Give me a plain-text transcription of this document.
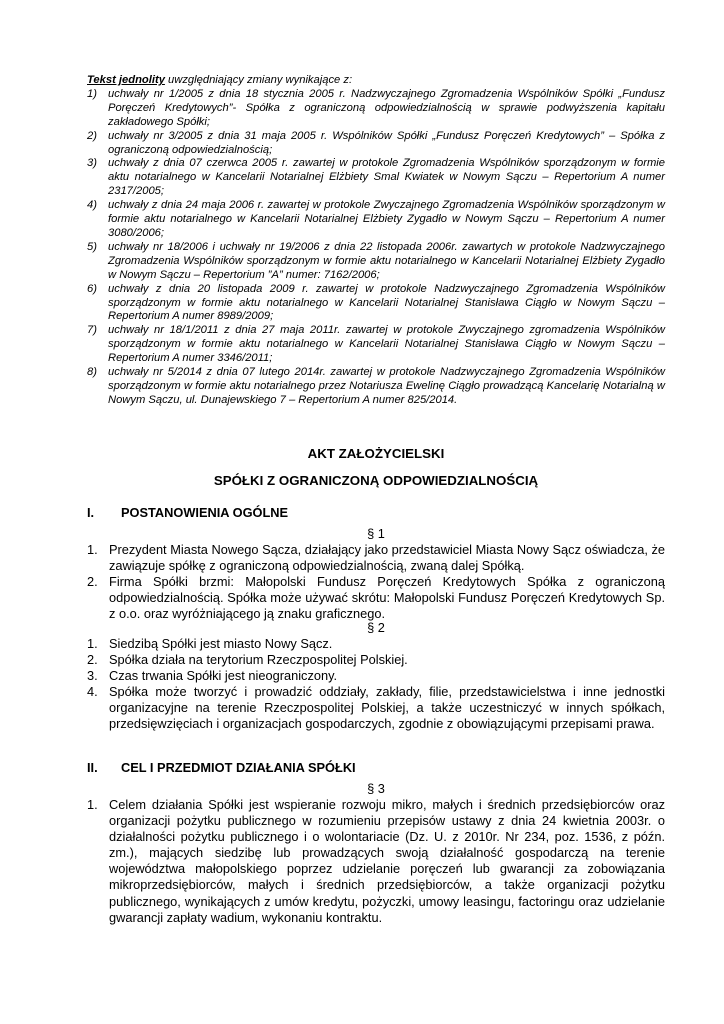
Tekst jednolity uwzględniający zmiany wynikające z:

1) uchwały nr 1/2005 z dnia 18 stycznia 2005 r. Nadzwyczajnego Zgromadzenia Wspólników Spółki „Fundusz Poręczeń Kredytowych”- Spółka z ograniczoną odpowiedzialnością w sprawie podwyższenia kapitału zakładowego Spółki;

2) uchwały nr 3/2005 z dnia 31 maja 2005 r. Wspólników Spółki „Fundusz Poręczeń Kredytowych” – Spółka z ograniczoną odpowiedzialnością;

3) uchwały z dnia 07 czerwca 2005 r. zawartej w protokole Zgromadzenia Wspólników sporządzonym w formie aktu notarialnego w Kancelarii Notarialnej Elżbiety Smal Kwiatek w Nowym Sączu – Repertorium A numer 2317/2005;

4) uchwały z dnia 24 maja 2006 r. zawartej w protokole Zwyczajnego Zgromadzenia Wspólników sporządzonym w formie aktu notarialnego w Kancelarii Notarialnej Elżbiety Zygadło w Nowym Sączu – Repertorium A numer 3080/2006;

5) uchwały nr 18/2006 i uchwały nr 19/2006 z dnia 22 listopada 2006r. zawartych w protokole Nadzwyczajnego Zgromadzenia Wspólników sporządzonym w formie aktu notarialnego w Kancelarii Notarialnej Elżbiety Zygadło w Nowym Sączu – Repertorium ”A” numer: 7162/2006;

6) uchwały z dnia 20 listopada 2009 r. zawartej w protokole Nadzwyczajnego Zgromadzenia Wspólników sporządzonym w formie aktu notarialnego w Kancelarii Notarialnej Stanisława Ciągło w Nowym Sączu – Repertorium A numer 8989/2009;

7) uchwały nr 18/1/2011 z dnia 27 maja 2011r. zawartej w protokole Zwyczajnego zgromadzenia Wspólników sporządzonym w formie aktu notarialnego w Kancelarii Notarialnej Stanisława Ciągło w Nowym Sączu – Repertorium A numer 3346/2011;

8) uchwały nr 5/2014 z dnia 07 lutego 2014r. zawartej w protokole Nadzwyczajnego Zgromadzenia Wspólników sporządzonym w formie aktu notarialnego przez Notariusza Ewelinę Ciągło prowadzącą Kancelarię Notarialną w Nowym Sączu, ul. Dunajewskiego 7 – Repertorium A numer 825/2014.

AKT ZAŁOŻYCIELSKI

SPÓŁKI Z OGRANICZONĄ ODPOWIEDZIALNOŚCIĄ

I. POSTANOWIENIA OGÓLNE

§ 1

1. Prezydent Miasta Nowego Sącza, działający jako przedstawiciel Miasta Nowy Sącz oświadcza, że zawiązuje spółkę z ograniczoną odpowiedzialnością, zwaną dalej Spółką.

2. Firma Spółki brzmi: Małopolski Fundusz Poręczeń Kredytowych Spółka z ograniczoną odpowiedzialnością. Spółka może używać skrótu: Małopolski Fundusz Poręczeń Kredytowych Sp. z o.o. oraz wyróżniającego ją znaku graficznego.

§ 2

1. Siedzibą Spółki jest miasto Nowy Sącz.

2. Spółka działa na terytorium Rzeczpospolitej Polskiej.

3. Czas trwania Spółki jest nieograniczony.

4. Spółka może tworzyć i prowadzić oddziały, zakłady, filie, przedstawicielstwa i inne jednostki organizacyjne na terenie Rzeczpospolitej Polskiej, a także uczestniczyć w innych spółkach, przedsięwzięciach i organizacjach gospodarczych, zgodnie z obowiązującymi przepisami prawa.

II. CEL I PRZEDMIOT DZIAŁANIA SPÓŁKI

§ 3

1. Celem działania Spółki jest wspieranie rozwoju mikro, małych i średnich przedsiębiorców oraz organizacji pożytku publicznego w rozumieniu przepisów ustawy z dnia 24 kwietnia 2003r. o działalności pożytku publicznego i o wolontariacie (Dz. U. z 2010r. Nr 234, poz. 1536, z późn. zm.), mających siedzibę lub prowadzących swoją działalność gospodarczą na terenie województwa małopolskiego poprzez udzielanie poręczeń lub gwarancji za zobowiązania mikroprzedsiębiorców, małych i średnich przedsiębiorców, a także organizacji pożytku publicznego, wynikających z umów kredytu, pożyczki, umowy leasingu, factoringu oraz udzielanie gwarancji zapłaty wadium, wykonaniu kontraktu.
